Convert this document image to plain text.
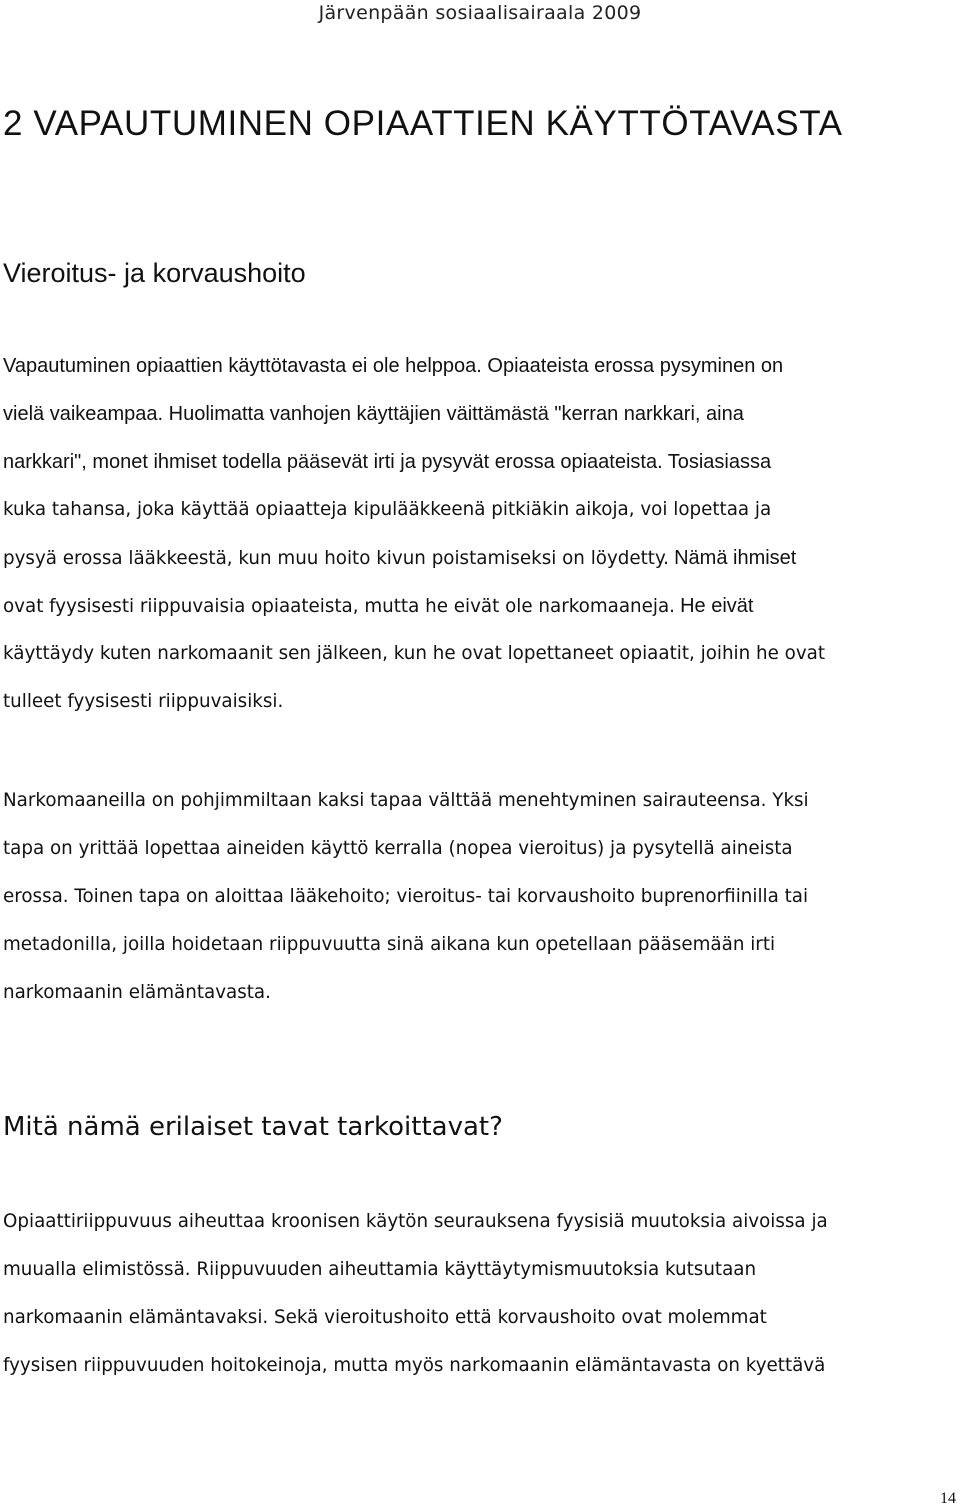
Järvenpään sosiaalisairaala 2009
2 VAPAUTUMINEN OPIAATTIEN KÄYTTÖTAVASTA
Vieroitus- ja korvaushoito
Vapautuminen opiaattien käyttötavasta ei ole helppoa. Opiaateista erossa pysyminen on
vielä vaikeampaa. Huolimatta vanhojen käyttäjien väittämästä "kerran narkkari, aina
narkkari", monet ihmiset todella pääsevät irti ja pysyvät erossa opiaateista. Tosiasiassa
kuka tahansa, joka käyttää opiaatteja kipulääkkeenä pitkiäkin aikoja, voi lopettaa ja
pysyä erossa lääkkeestä, kun muu hoito kivun poistamiseksi on löydetty. Nämä ihmiset
ovat fyysisesti riippuvaisia opiaateista, mutta he eivät ole narkomaaneja. He eivät
käyttäydy kuten narkomaanit sen jälkeen, kun he ovat lopettaneet opiaatit, joihin he ovat
tulleet fyysisesti riippuvaisiksi.
Narkomaaneilla on pohjimmiltaan kaksi tapaa välttää menehtyminen sairauteensa. Yksi
tapa on yrittää lopettaa aineiden käyttö kerralla (nopea vieroitus) ja pysytellä aineista
erossa. Toinen tapa on aloittaa lääkehoito; vieroitus- tai korvaushoito buprenorfiinilla tai
metadonilla, joilla hoidetaan riippuvuutta sinä aikana kun opetellaan pääsemään irti
narkomaanin elämäntavasta.
Mitä nämä erilaiset tavat tarkoittavat?
Opiaattiriippuvuus aiheuttaa kroonisen käytön seurauksena fyysisiä muutoksia aivoissa ja
muualla elimistössä. Riippuvuuden aiheuttamia käyttäytymismuutoksia kutsutaan
narkomaanin elämäntavaksi. Sekä vieroitushoito että korvaushoito ovat molemmat
fyysisen riippuvuuden hoitokeinoja, mutta myös narkomaanin elämäntavasta on kyettävä
14
